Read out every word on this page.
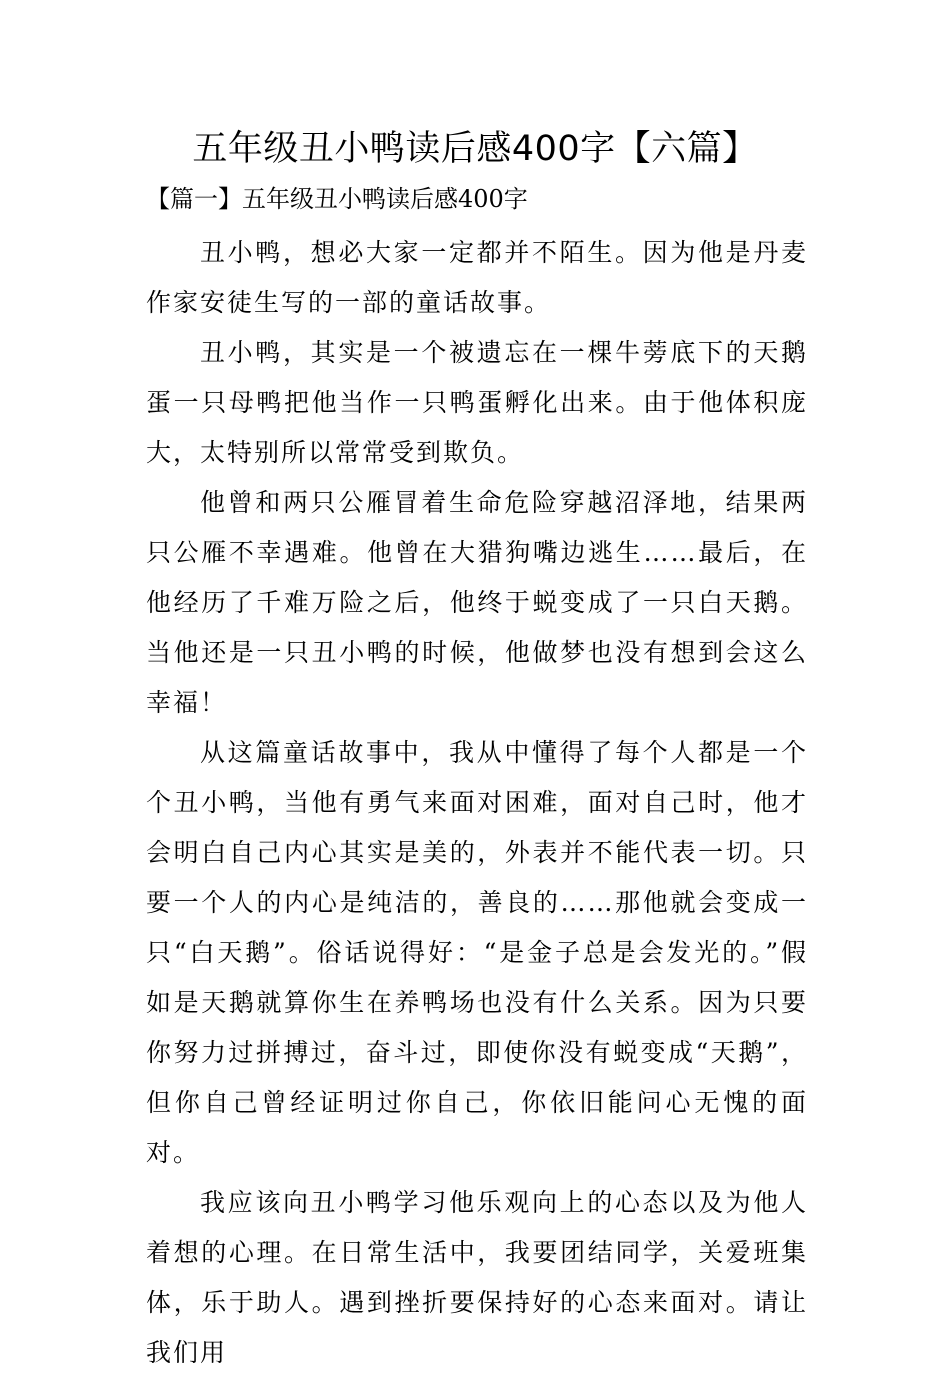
五年级丑小鸭读后感400字【六篇】
【篇一】五年级丑小鸭读后感400字

丑小鸭，想必大家一定都并不陌生。因为他是丹麦作家安徒生写的一部的童话故事。

丑小鸭，其实是一个被遗忘在一棵牛蒡底下的天鹅蛋一只母鸭把他当作一只鸭蛋孵化出来。由于他体积庞大，太特别所以常常受到欺负。

他曾和两只公雁冒着生命危险穿越沼泽地，结果两只公雁不幸遇难。他曾在大猎狗嘴边逃生……最后，在他经历了千难万险之后，他终于蜕变成了一只白天鹅。当他还是一只丑小鸭的时候，他做梦也没有想到会这么幸福！

从这篇童话故事中，我从中懂得了每个人都是一个个丑小鸭，当他有勇气来面对困难，面对自己时，他才会明白自己内心其实是美的，外表并不能代表一切。只要一个人的内心是纯洁的，善良的……那他就会变成一只“白天鹅”。俗话说得好：“是金子总是会发光的。”假如是天鹅就算你生在养鸭场也没有什么关系。因为只要你努力过拼搏过，奋斗过，即使你没有蜕变成“天鹅”，但你自己曾经证明过你自己，你依旧能问心无愧的面对。

我应该向丑小鸭学习他乐观向上的心态以及为他人着想的心理。在日常生活中，我要团结同学，关爱班集体，乐于助人。遇到挫折要保持好的心态来面对。请让我们用
